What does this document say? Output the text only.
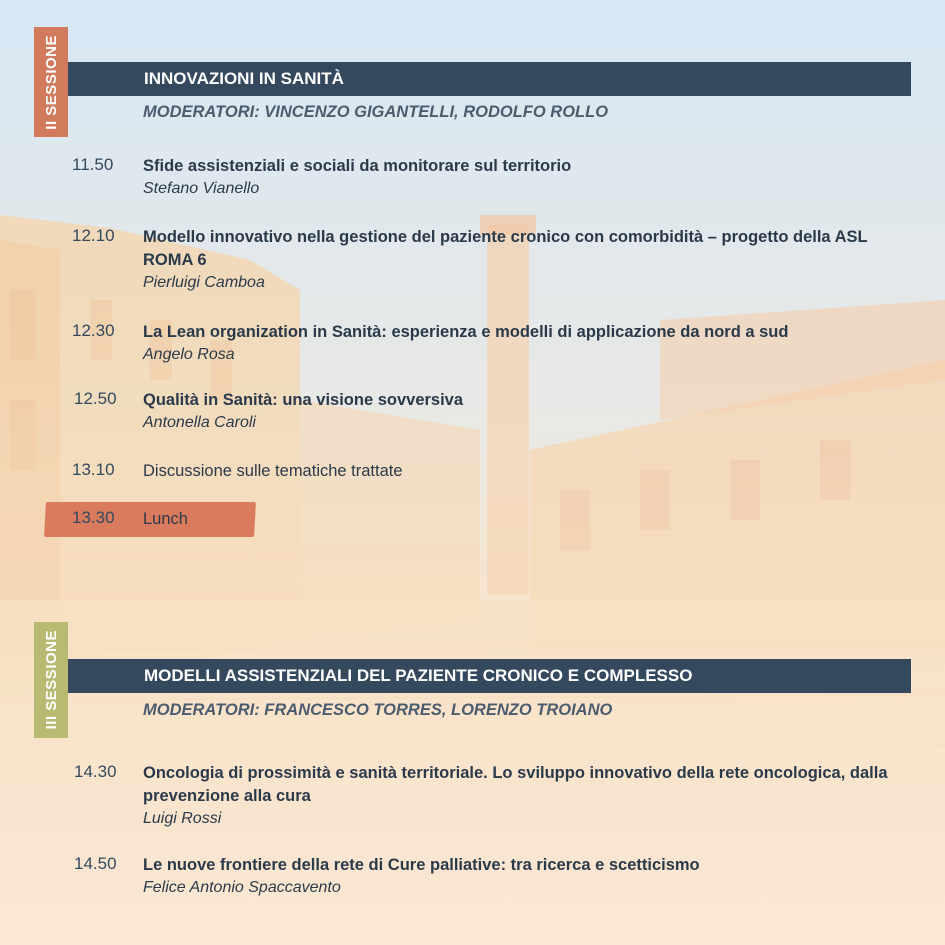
II SESSIONE	INNOVAZIONI IN SANITÀ
MODERATORI: VINCENZO GIGANTELLI, RODOLFO ROLLO
11.50	Sfide assistenziali e sociali da monitorare sul territorio
Stefano Vianello
12.10	Modello innovativo nella gestione del paziente cronico con comorbidità – progetto della ASL ROMA 6
Pierluigi Camboa
12.30	La Lean organization in Sanità: esperienza e modelli di applicazione da nord a sud
Angelo Rosa
12.50	Qualità in Sanità: una visione sovversiva
Antonella Caroli
13.10	Discussione sulle tematiche trattate
13.30	Lunch
III SESSIONE	MODELLI ASSISTENZIALI DEL PAZIENTE CRONICO E COMPLESSO
MODERATORI: FRANCESCO TORRES, LORENZO TROIANO
14.30	Oncologia di prossimità e sanità territoriale. Lo sviluppo innovativo della rete oncologica, dalla prevenzione alla cura
Luigi Rossi
14.50	Le nuove frontiere della rete di Cure palliative: tra ricerca e scetticismo
Felice Antonio Spaccavento
